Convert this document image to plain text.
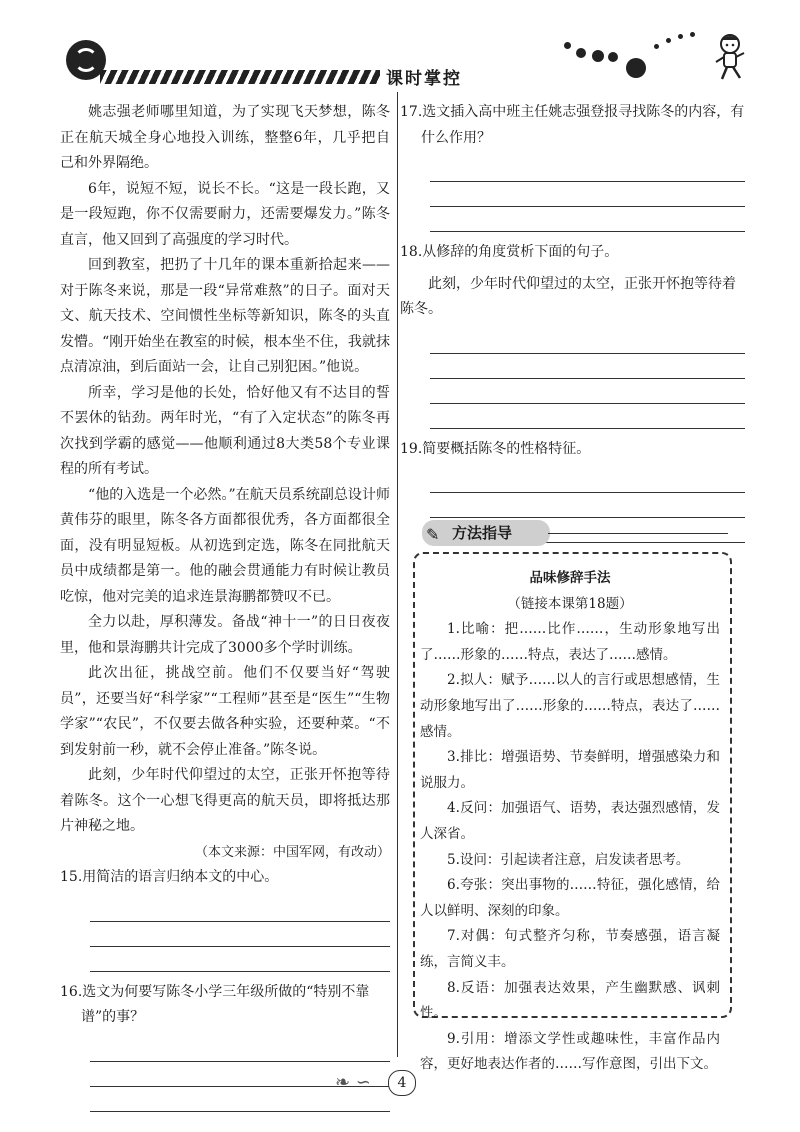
课时掌控

姚志强老师哪里知道，为了实现飞天梦想，陈冬正在航天城全身心地投入训练，整整6年，几乎把自己和外界隔绝。

6年，说短不短，说长不长。“这是一段长跑，又是一段短跑，你不仅需要耐力，还需要爆发力。”陈冬直言，他又回到了高强度的学习时代。

回到教室，把扔了十几年的课本重新拾起来——对于陈冬来说，那是一段“异常难熬”的日子。面对天文、航天技术、空间惯性坐标等新知识，陈冬的头直发懵。“刚开始坐在教室的时候，根本坐不住，我就抹点清凉油，到后面站一会，让自己别犯困。”他说。

所幸，学习是他的长处，恰好他又有不达目的誓不罢休的钻劲。两年时光，“有了入定状态”的陈冬再次找到学霸的感觉——他顺利通过8大类58个专业课程的所有考试。

“他的入选是一个必然。”在航天员系统副总设计师黄伟芬的眼里，陈冬各方面都很优秀，各方面都很全面，没有明显短板。从初选到定选，陈冬在同批航天员中成绩都是第一。他的融会贯通能力有时候让教员吃惊，他对完美的追求连景海鹏都赞叹不已。

全力以赴，厚积薄发。备战“神十一”的日日夜夜里，他和景海鹏共计完成了3000多个学时训练。

此次出征，挑战空前。他们不仅要当好“驾驶员”，还要当好“科学家”“工程师”甚至是“医生”“生物学家”“农民”，不仅要去做各种实验，还要种菜。“不到发射前一秒，就不会停止准备。”陈冬说。

此刻，少年时代仰望过的太空，正张开怀抱等待着陈冬。这个一心想飞得更高的航天员，即将抵达那片神秘之地。

（本文来源：中国军网，有改动）

15.用简洁的语言归纳本文的中心。

16.选文为何要写陈冬小学三年级所做的“特别不靠谱”的事？

17.选文插入高中班主任姚志强登报寻找陈冬的内容，有什么作用？

18.从修辞的角度赏析下面的句子。

此刻，少年时代仰望过的太空，正张开怀抱等待着陈冬。

19.简要概括陈冬的性格特征。

✎ 方法指导

品味修辞手法

（链接本课第18题）

1.比喻：把……比作……，生动形象地写出了……形象的……特点，表达了……感情。

2.拟人：赋予……以人的言行或思想感情，生动形象地写出了……形象的……特点，表达了……感情。

3.排比：增强语势、节奏鲜明，增强感染力和说服力。

4.反问：加强语气、语势，表达强烈感情，发人深省。

5.设问：引起读者注意，启发读者思考。

6.夸张：突出事物的……特征，强化感情，给人以鲜明、深刻的印象。

7.对偶：句式整齐匀称，节奏感强，语言凝练，言简义丰。

8.反语：加强表达效果，产生幽默感、讽刺性。

9.引用：增添文学性或趣味性，丰富作品内容，更好地表达作者的……写作意图，引出下文。

❧ ∽	4
